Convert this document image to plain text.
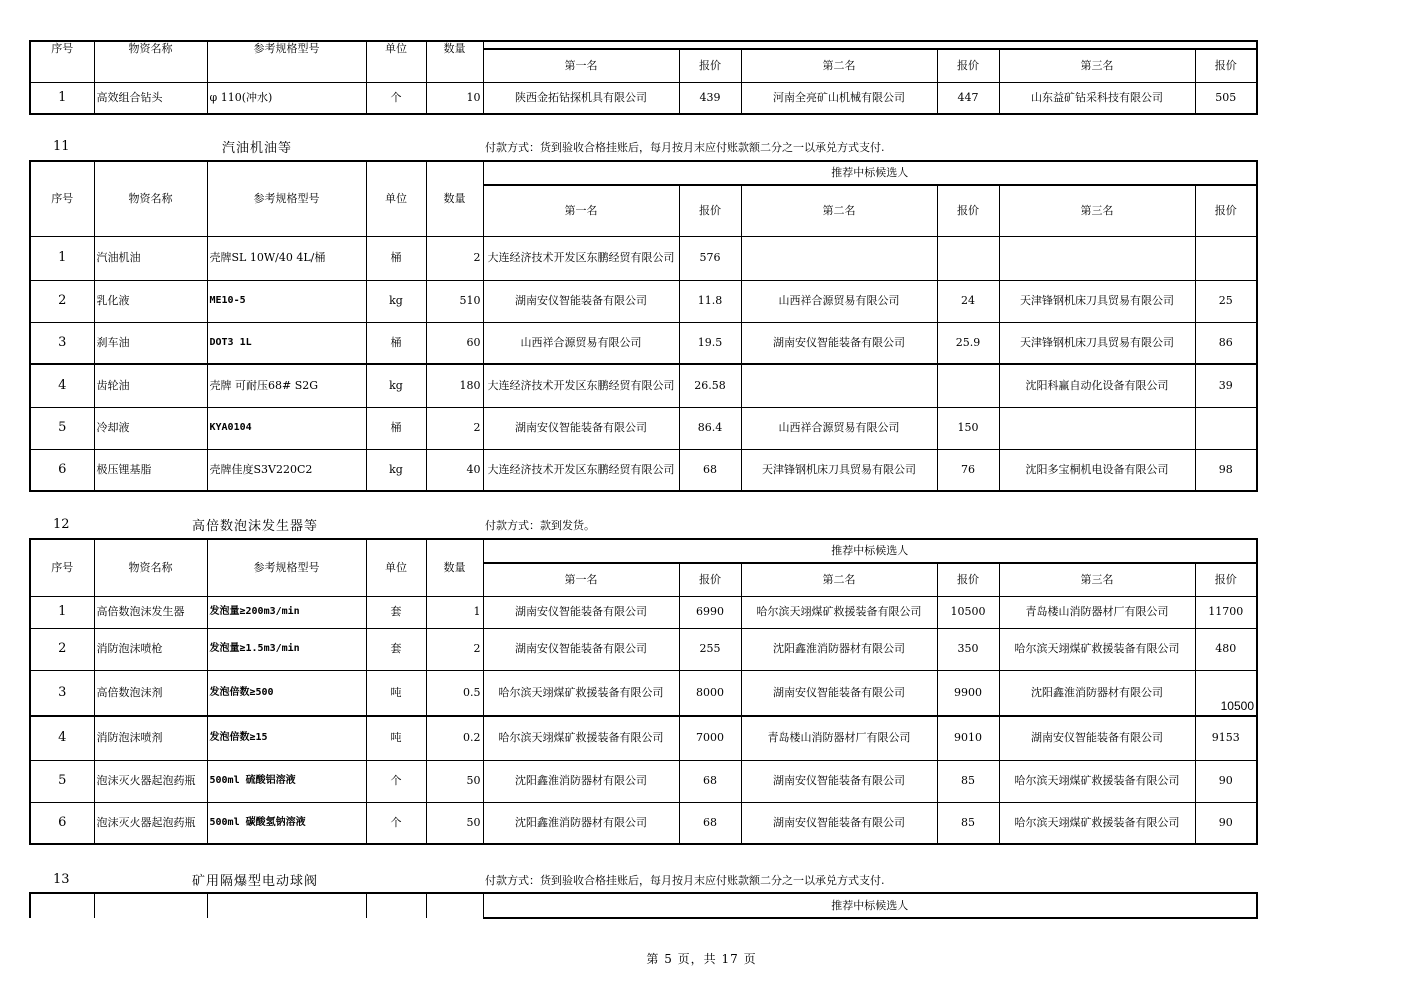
序号	物资名称	参考规格型号	单位	数量						
					第一名	报价	第二名	报价	第三名	报价
1	高效组合钻头	φ 110(冲水)	个	10	陕西金拓钻探机具有限公司	439	河南全亮矿山机械有限公司	447	山东益矿钻采科技有限公司	505
11	汽油机油等	付款方式：货到验收合格挂账后，每月按月末应付账款额二分之一以承兑方式支付.
序号	物资名称	参考规格型号	单位	数量	推荐中标候选人					
					第一名	报价	第二名	报价	第三名	报价
1	汽油机油	壳牌SL 10W/40 4L/桶	桶	2	大连经济技术开发区东鹏经贸有限公司	576				
2	乳化液	ME10-5	kg	510	湖南安仪智能装备有限公司	11.8	山西祥合源贸易有限公司	24	天津锋钢机床刀具贸易有限公司	25
3	刹车油	DOT3 1L	桶	60	山西祥合源贸易有限公司	19.5	湖南安仪智能装备有限公司	25.9	天津锋钢机床刀具贸易有限公司	86
4	齿轮油	壳牌 可耐压68# S2G	kg	180	大连经济技术开发区东鹏经贸有限公司	26.58			沈阳科赢自动化设备有限公司	39
5	冷却液	KYA0104	桶	2	湖南安仪智能装备有限公司	86.4	山西祥合源贸易有限公司	150		
6	极压锂基脂	壳牌佳度S3V220C2	kg	40	大连经济技术开发区东鹏经贸有限公司	68	天津锋钢机床刀具贸易有限公司	76	沈阳多宝桐机电设备有限公司	98
12	高倍数泡沫发生器等	付款方式：款到发货。
序号	物资名称	参考规格型号	单位	数量	推荐中标候选人					
					第一名	报价	第二名	报价	第三名	报价
1	高倍数泡沫发生器	发泡量≥200m3/min	套	1	湖南安仪智能装备有限公司	6990	哈尔滨天翊煤矿救援装备有限公司	10500	青岛楼山消防器材厂有限公司	11700
2	消防泡沫喷枪	发泡量≥1.5m3/min	套	2	湖南安仪智能装备有限公司	255	沈阳鑫淮消防器材有限公司	350	哈尔滨天翊煤矿救援装备有限公司	480
3	高倍数泡沫剂	发泡倍数≥500	吨	0.5	哈尔滨天翊煤矿救援装备有限公司	8000	湖南安仪智能装备有限公司	9900	沈阳鑫淮消防器材有限公司	10500
4	消防泡沫喷剂	发泡倍数≥15	吨	0.2	哈尔滨天翊煤矿救援装备有限公司	7000	青岛楼山消防器材厂有限公司	9010	湖南安仪智能装备有限公司	9153
5	泡沫灭火器起泡药瓶	500ml 硫酸铝溶液	个	50	沈阳鑫淮消防器材有限公司	68	湖南安仪智能装备有限公司	85	哈尔滨天翊煤矿救援装备有限公司	90
6	泡沫灭火器起泡药瓶	500ml 碳酸氢钠溶液	个	50	沈阳鑫淮消防器材有限公司	68	湖南安仪智能装备有限公司	85	哈尔滨天翊煤矿救援装备有限公司	90
13	矿用隔爆型电动球阀	付款方式：货到验收合格挂账后，每月按月末应付账款额二分之一以承兑方式支付.
					推荐中标候选人
第 5 页，共 17 页
